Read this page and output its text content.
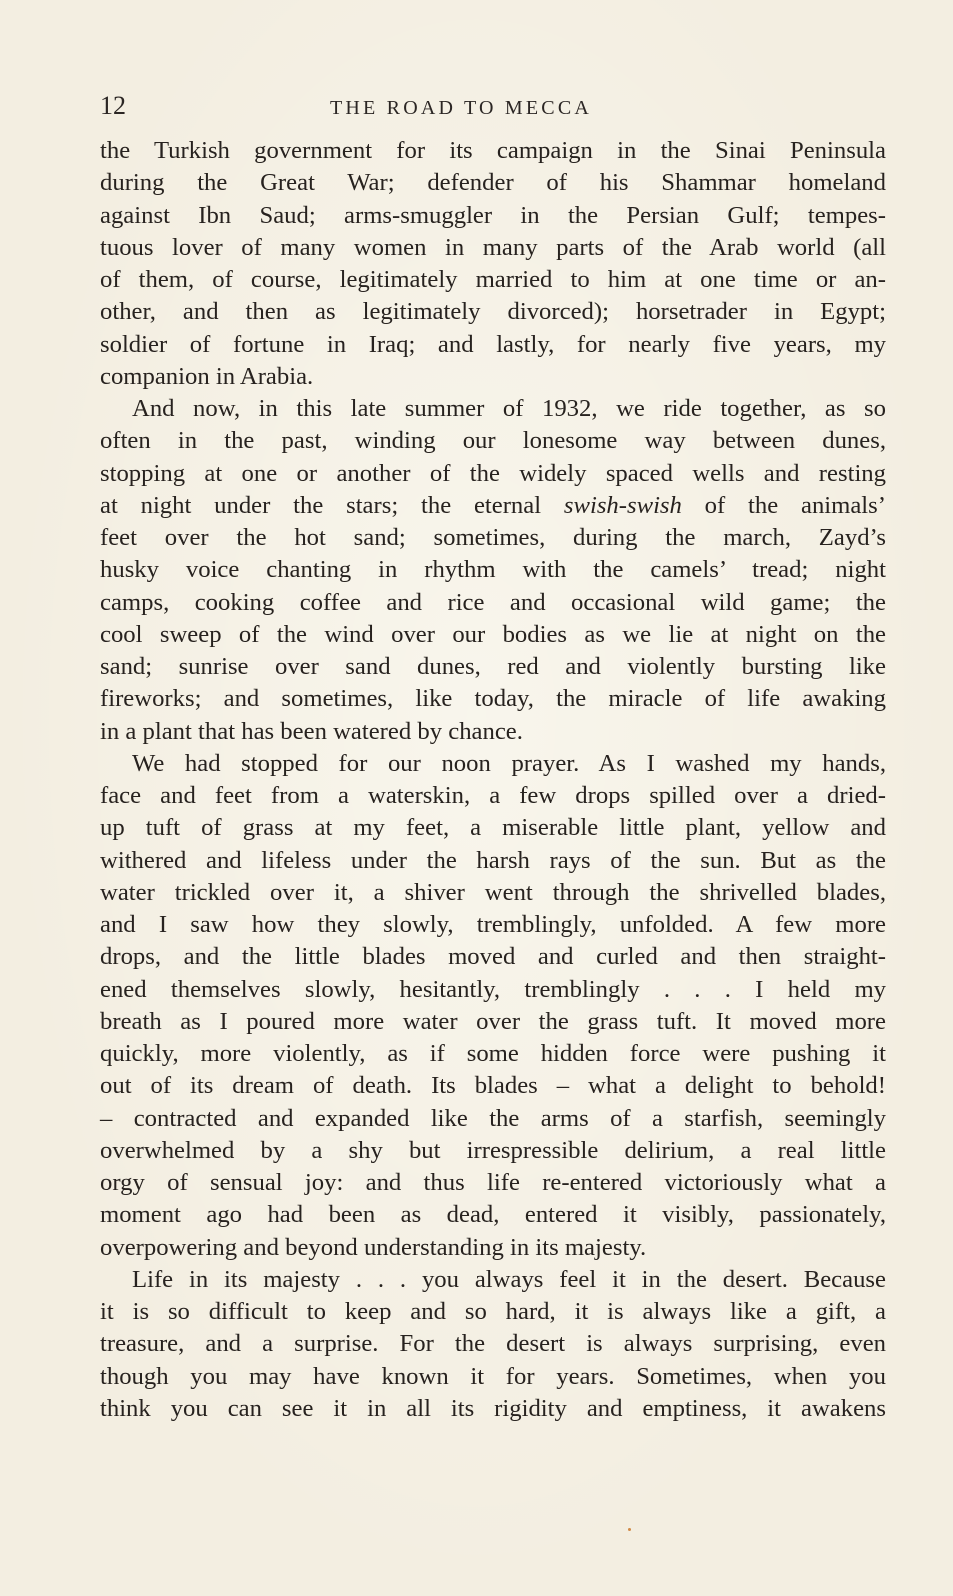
12	THE ROAD TO MECCA
the Turkish government for its campaign in the Sinai Peninsula
during the Great War; defender of his Shammar homeland
against Ibn Saud; arms-smuggler in the Persian Gulf; tempes-
tuous lover of many women in many parts of the Arab world (all
of them, of course, legitimately married to him at one time or an-
other, and then as legitimately divorced); horsetrader in Egypt;
soldier of fortune in Iraq; and lastly, for nearly five years, my
companion in Arabia.
And now, in this late summer of 1932, we ride together, as so
often in the past, winding our lonesome way between dunes,
stopping at one or another of the widely spaced wells and resting
at night under the stars; the eternal swish-swish of the animals’
feet over the hot sand; sometimes, during the march, Zayd’s
husky voice chanting in rhythm with the camels’ tread; night
camps, cooking coffee and rice and occasional wild game; the
cool sweep of the wind over our bodies as we lie at night on the
sand; sunrise over sand dunes, red and violently bursting like
fireworks; and sometimes, like today, the miracle of life awaking
in a plant that has been watered by chance.
We had stopped for our noon prayer. As I washed my hands,
face and feet from a waterskin, a few drops spilled over a dried-
up tuft of grass at my feet, a miserable little plant, yellow and
withered and lifeless under the harsh rays of the sun. But as the
water trickled over it, a shiver went through the shrivelled blades,
and I saw how they slowly, tremblingly, unfolded. A few more
drops, and the little blades moved and curled and then straight-
ened themselves slowly, hesitantly, tremblingly . . . I held my
breath as I poured more water over the grass tuft. It moved more
quickly, more violently, as if some hidden force were pushing it
out of its dream of death. Its blades – what a delight to behold!
– contracted and expanded like the arms of a starfish, seemingly
overwhelmed by a shy but irrespressible delirium, a real little
orgy of sensual joy: and thus life re-entered victoriously what a
moment ago had been as dead, entered it visibly, passionately,
overpowering and beyond understanding in its majesty.
Life in its majesty . . . you always feel it in the desert. Because
it is so difficult to keep and so hard, it is always like a gift, a
treasure, and a surprise. For the desert is always surprising, even
though you may have known it for years. Sometimes, when you
think you can see it in all its rigidity and emptiness, it awakens
